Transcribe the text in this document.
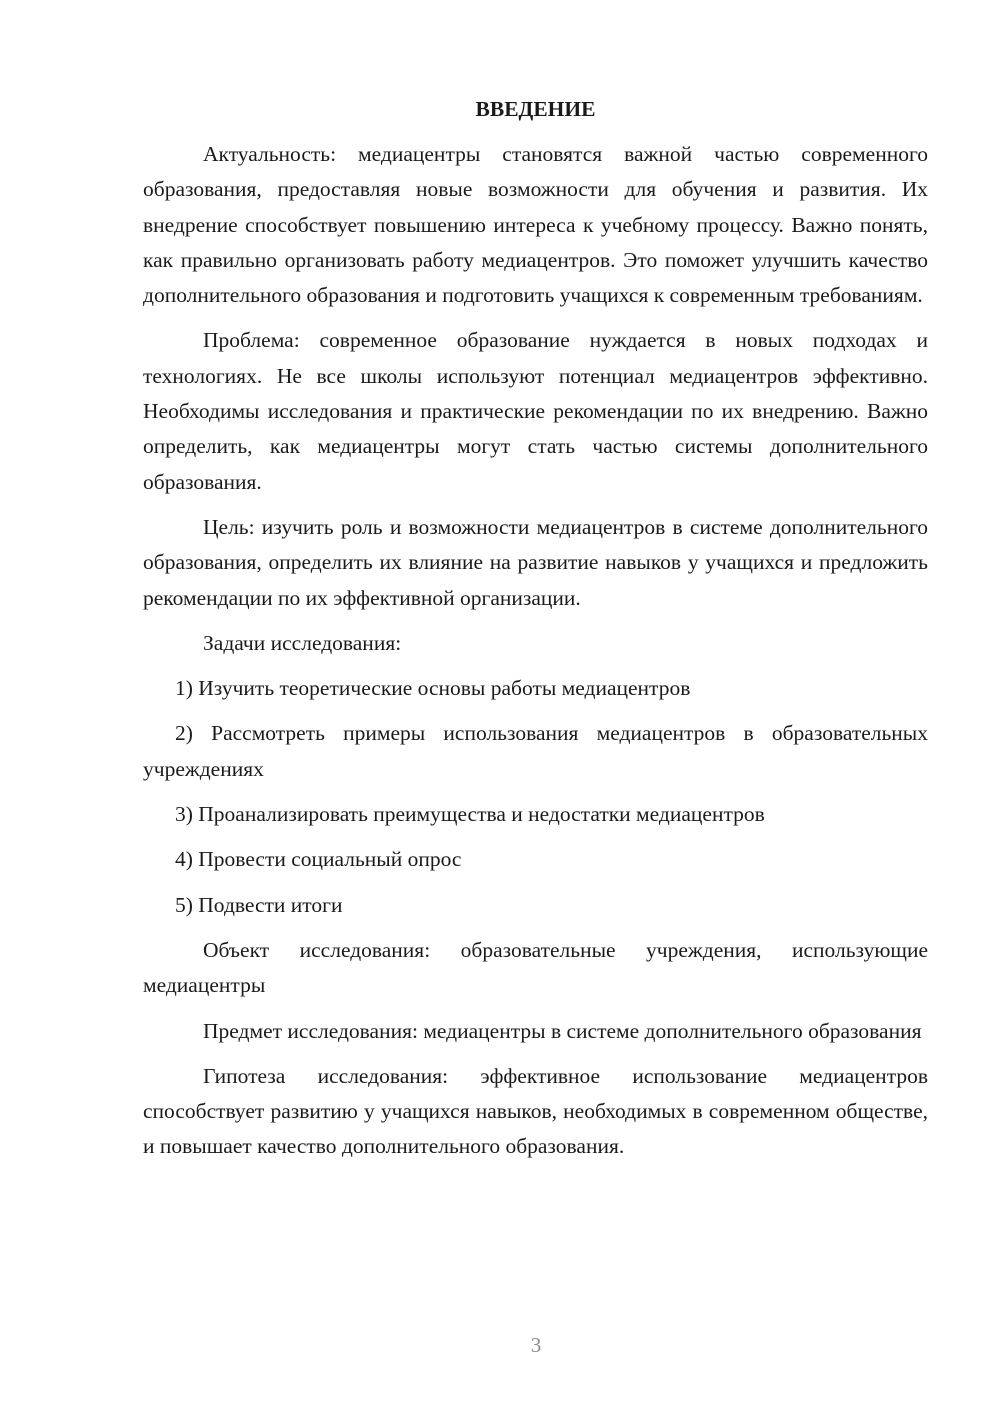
ВВЕДЕНИЕ

Актуальность: медиацентры становятся важной частью современного образования, предоставляя новые возможности для обучения и развития. Их внедрение способствует повышению интереса к учебному процессу. Важно понять, как правильно организовать работу медиацентров. Это поможет улучшить качество дополнительного образования и подготовить учащихся к современным требованиям.

Проблема: современное образование нуждается в новых подходах и технологиях. Не все школы используют потенциал медиацентров эффективно. Необходимы исследования и практические рекомендации по их внедрению. Важно определить, как медиацентры могут стать частью системы дополнительного образования.

Цель: изучить роль и возможности медиацентров в системе дополнительного образования, определить их влияние на развитие навыков у учащихся и предложить рекомендации по их эффективной организации.

Задачи исследования:

1) Изучить теоретические основы работы медиацентров

2) Рассмотреть примеры использования медиацентров в образовательных учреждениях

3) Проанализировать преимущества и недостатки медиацентров

4) Провести социальный опрос

5) Подвести итоги

Объект исследования: образовательные учреждения, использующие медиацентры

Предмет исследования: медиацентры в системе дополнительного образования

Гипотеза исследования: эффективное использование медиацентров способствует развитию у учащихся навыков, необходимых в современном обществе, и повышает качество дополнительного образования.

3
